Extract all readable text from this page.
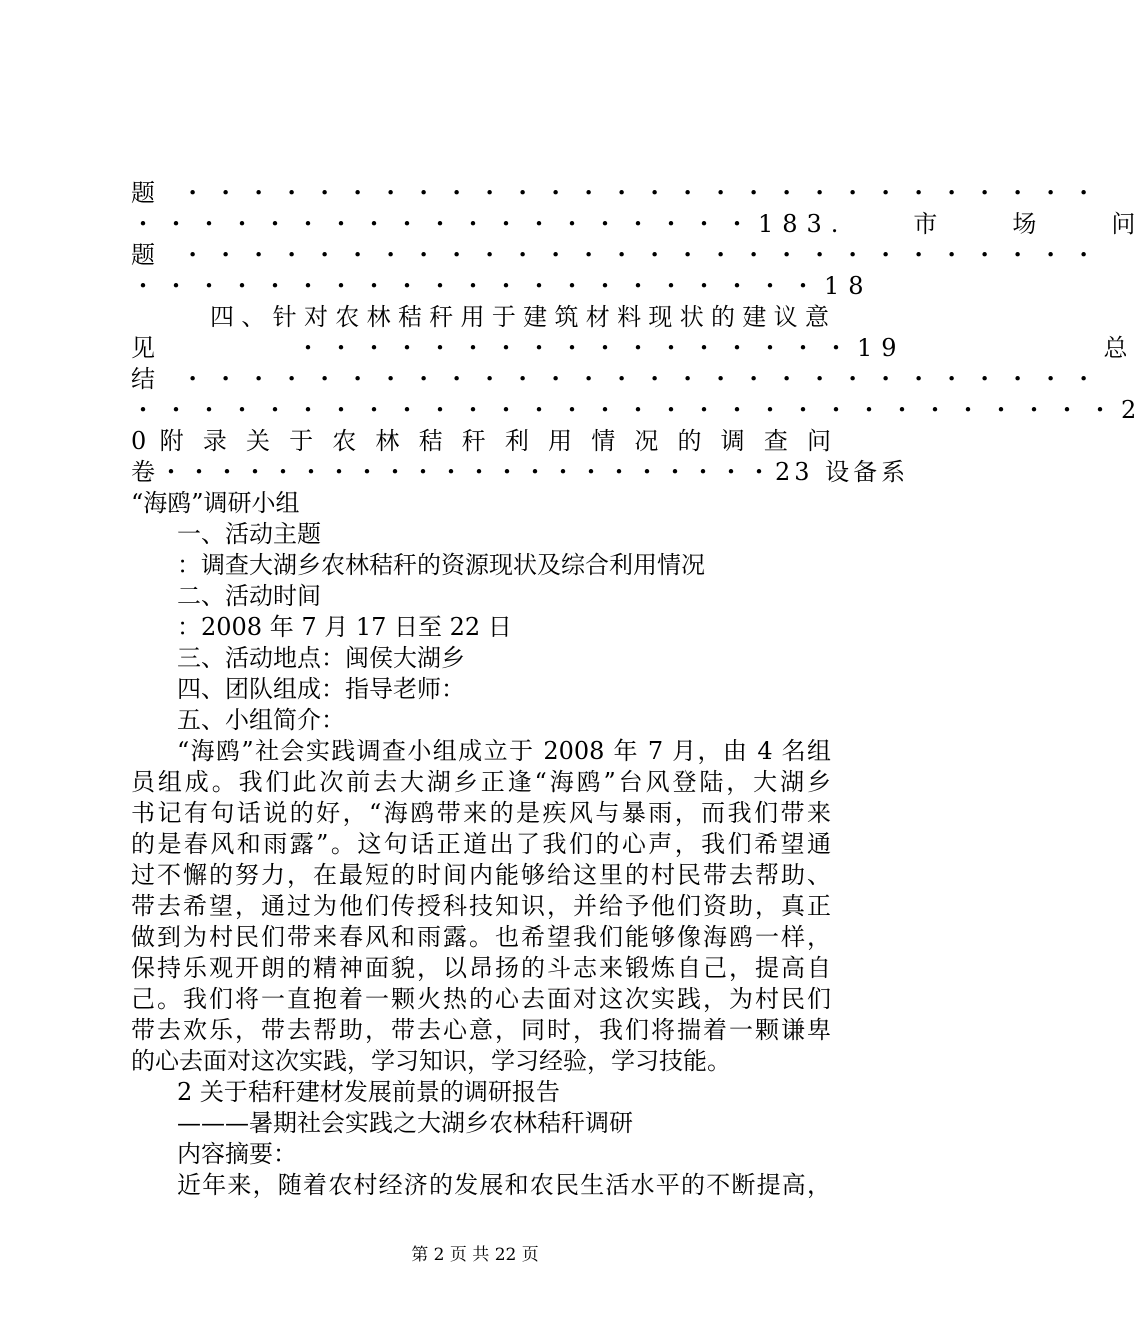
题 ・・・・・・・・・・・・・・・・・・・・・・・・・・・・
・・・・・・・・・・・・・・・・・・・183.　　市　　场　　问
题 ・・・・・・・・・・・・・・・・・・・・・・・・・・・・
・・・・・・・・・・・・・・・・・・・・・18
四、针对农林秸秆用于建筑材料现状的建议意
见　　　　・・・・・・・・・・・・・・・・・19　　　　　　总
结 ・・・・・・・・・・・・・・・・・・・・・・・・・・・・
・・・・・・・・・・・・・・・・・・・・・・・・・・・・・・2
0 附 录 关 于 农 林 秸 秆 利 用 情 况 的 调 查 问
卷・・・・・・・・・・・・・・・・・・・・・・23 设备系
“海鸥”调研小组
一、活动主题
：调查大湖乡农林秸秆的资源现状及综合利用情况
二、活动时间
：2008 年 7 月 17 日至 22 日
三、活动地点：闽侯大湖乡
四、团队组成：指导老师：
五、小组简介：
“海鸥”社会实践调查小组成立于 2008 年 7 月，由 4 名组
员组成。我们此次前去大湖乡正逢“海鸥”台风登陆，大湖乡
书记有句话说的好，“海鸥带来的是疾风与暴雨，而我们带来
的是春风和雨露”。这句话正道出了我们的心声，我们希望通
过不懈的努力，在最短的时间内能够给这里的村民带去帮助、
带去希望，通过为他们传授科技知识，并给予他们资助，真正
做到为村民们带来春风和雨露。也希望我们能够像海鸥一样，
保持乐观开朗的精神面貌，以昂扬的斗志来锻炼自己，提高自
己。我们将一直抱着一颗火热的心去面对这次实践，为村民们
带去欢乐，带去帮助，带去心意，同时，我们将揣着一颗谦卑
的心去面对这次实践，学习知识，学习经验，学习技能。
2 关于秸秆建材发展前景的调研报告
———暑期社会实践之大湖乡农林秸秆调研
内容摘要：
近年来，随着农村经济的发展和农民生活水平的不断提高，
第 2 页 共 22 页
